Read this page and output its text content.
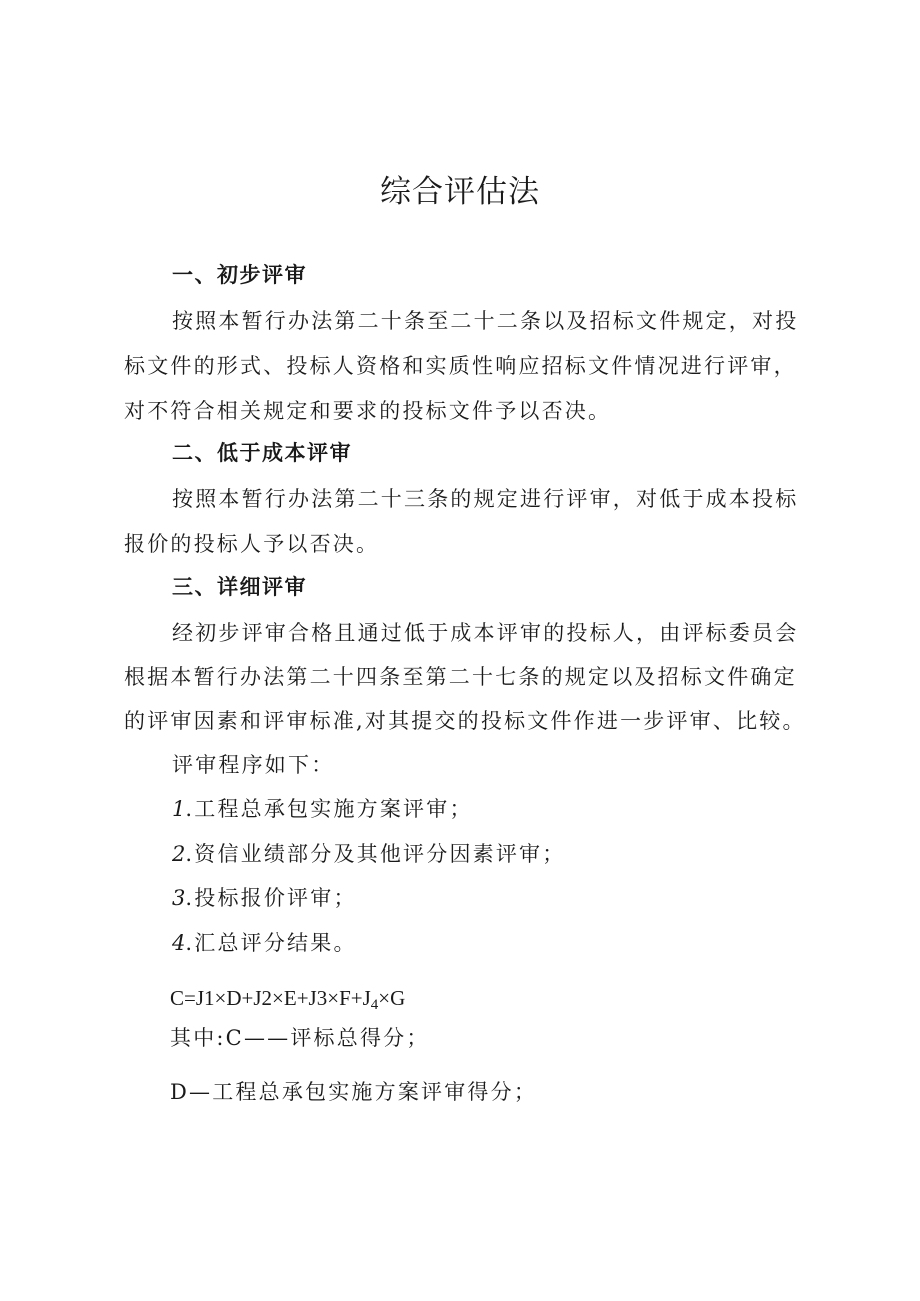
综合评估法
一、初步评审
按照本暂行办法第二十条至二十二条以及招标文件规定，对投
标文件的形式、投标人资格和实质性响应招标文件情况进行评审，
对不符合相关规定和要求的投标文件予以否决。
二、低于成本评审
按照本暂行办法第二十三条的规定进行评审，对低于成本投标
报价的投标人予以否决。
三、详细评审
经初步评审合格且通过低于成本评审的投标人，由评标委员会
根据本暂行办法第二十四条至第二十七条的规定以及招标文件确定
的评审因素和评审标准,对其提交的投标文件作进一步评审、比较。
评审程序如下：
1.工程总承包实施方案评审；
2.资信业绩部分及其他评分因素评审；
3.投标报价评审；
4.汇总评分结果。
$C=J1\times D+J2\times E+J3\times F+J_4\times G$
其中:C——评标总得分；
D—工程总承包实施方案评审得分；
